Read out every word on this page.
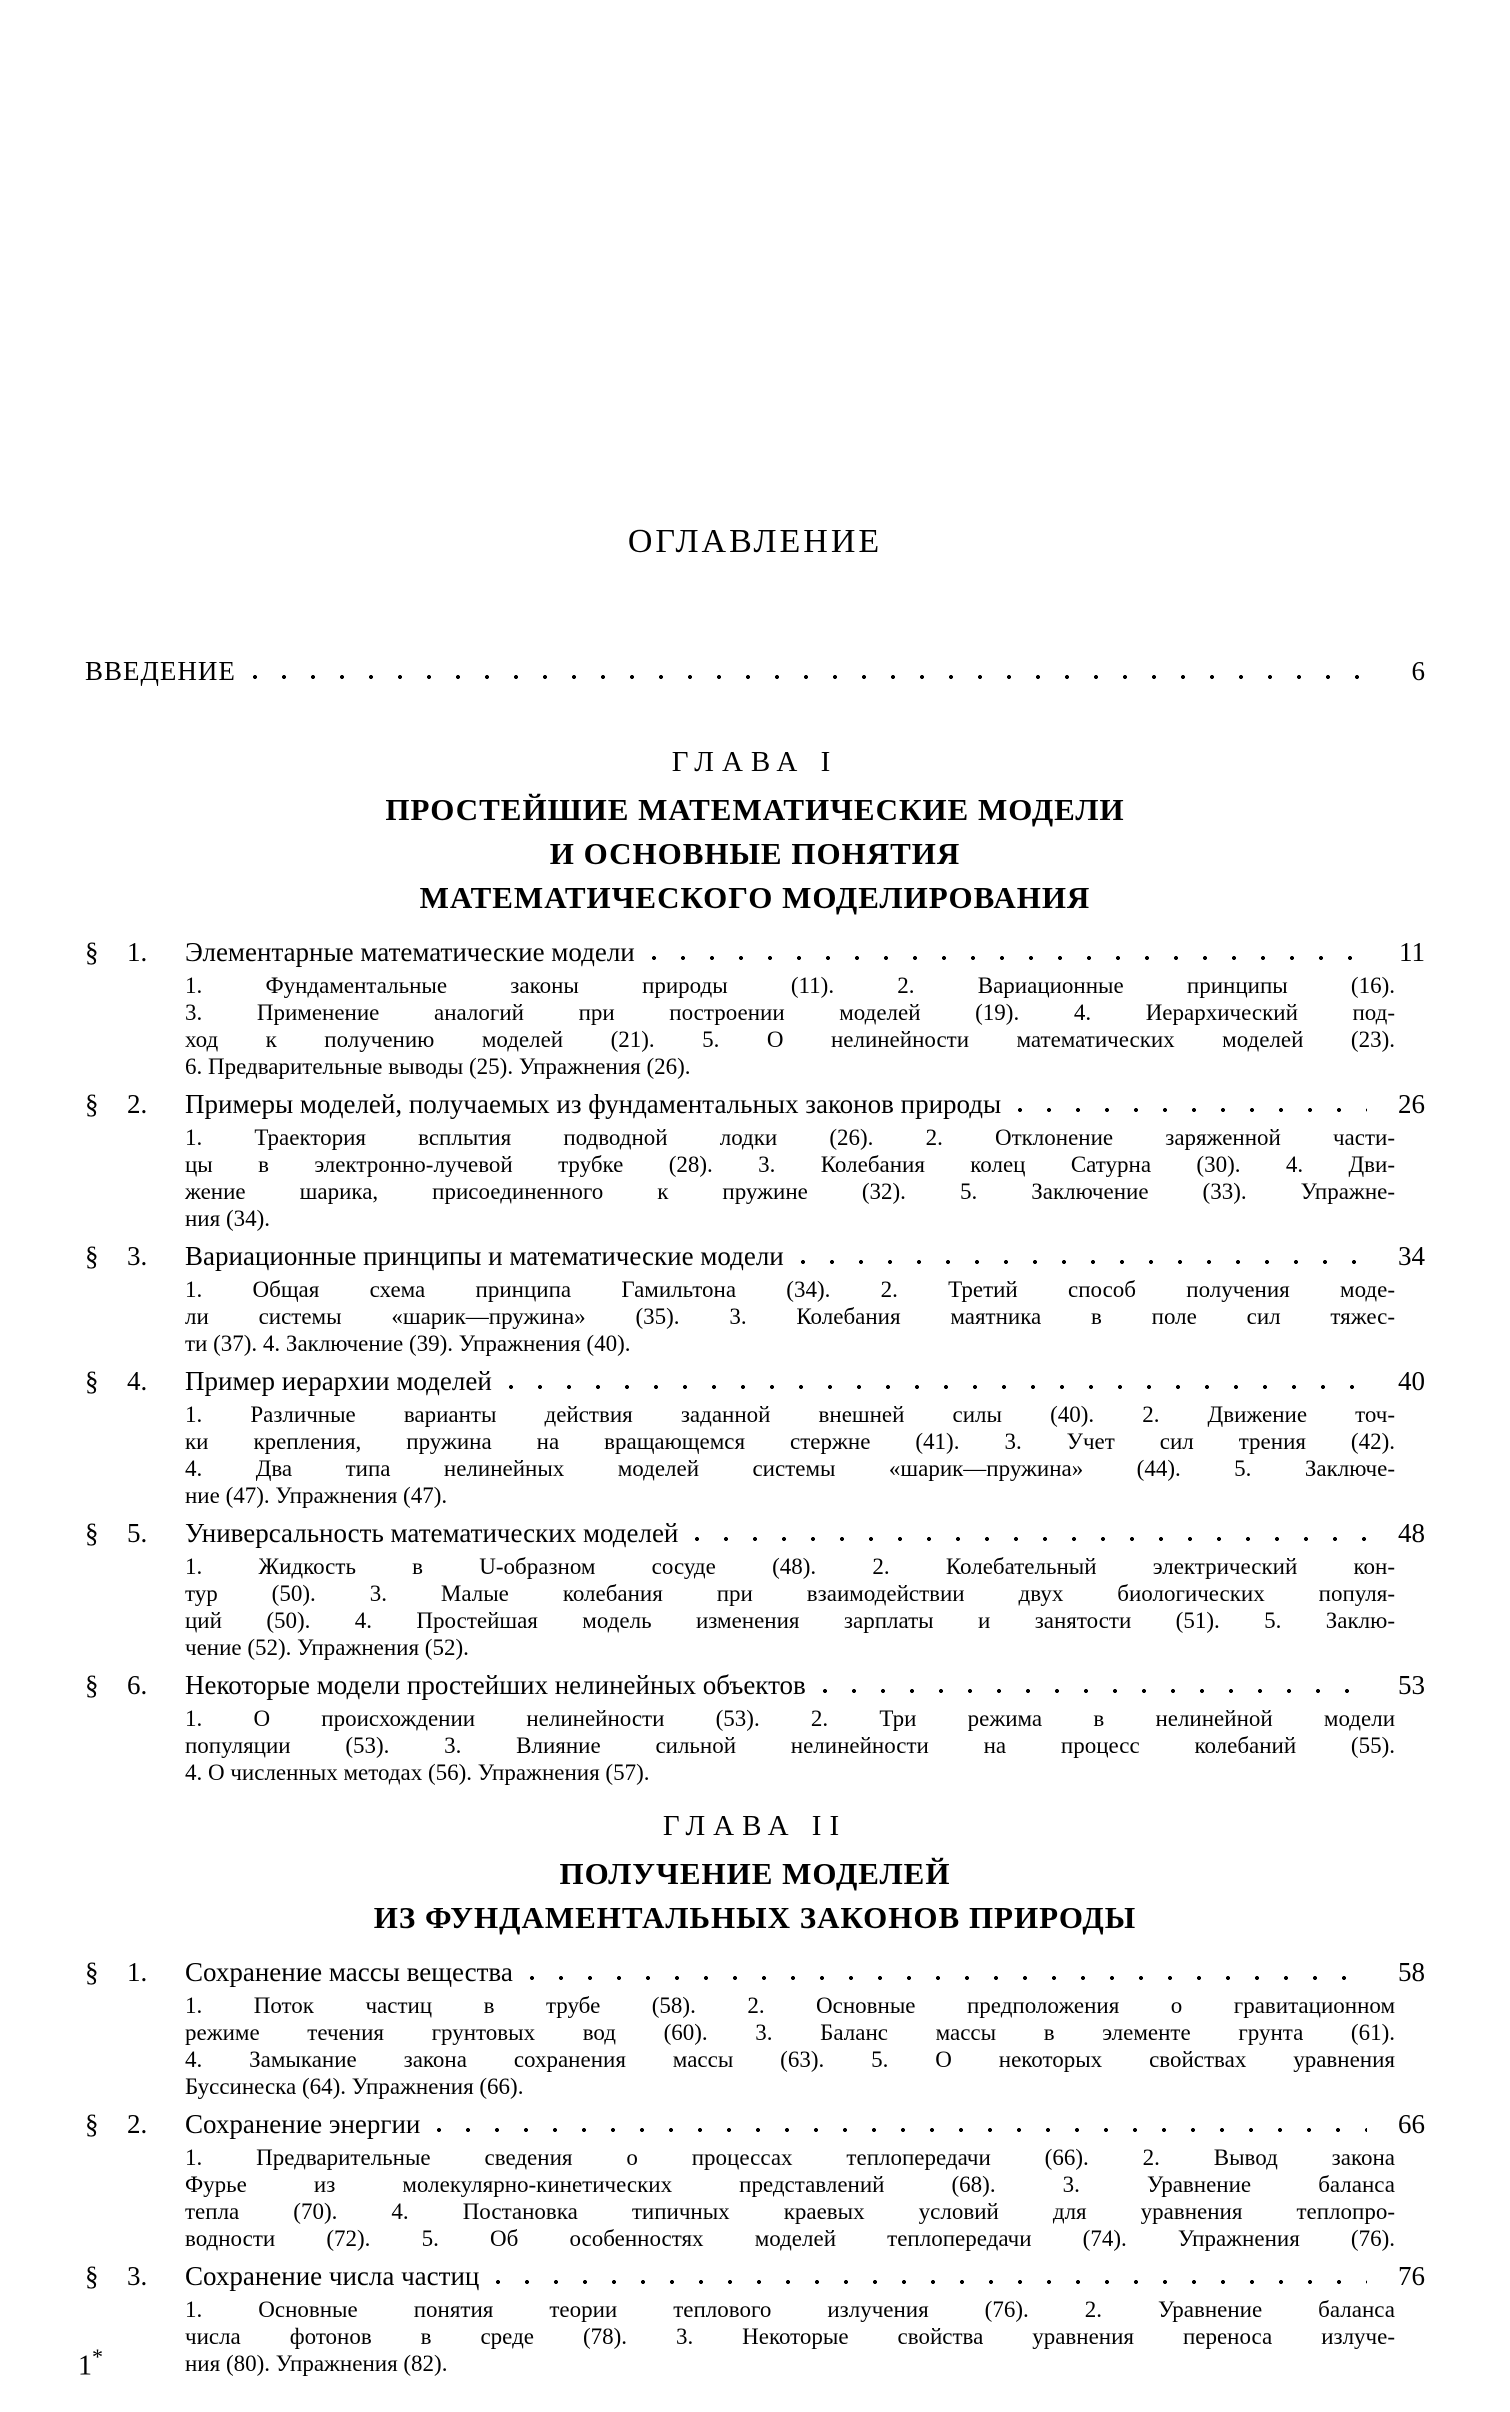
ОГЛАВЛЕНИЕ
ВВЕДЕНИЕ	6
ГЛАВА I
ПРОСТЕЙШИЕ МАТЕМАТИЧЕСКИЕ МОДЕЛИ
И ОСНОВНЫЕ ПОНЯТИЯ
МАТЕМАТИЧЕСКОГО МОДЕЛИРОВАНИЯ
§	1.	Элементарные математические модели	11
1. Фундаментальные законы природы (11). 2. Вариационные принципы (16).
3. Применение аналогий при построении моделей (19). 4. Иерархический под-
ход к получению моделей (21). 5. О нелинейности математических моделей (23).
6. Предварительные выводы (25). Упражнения (26).
§	2.	Примеры моделей, получаемых из фундаментальных законов природы	26
1. Траектория всплытия подводной лодки (26). 2. Отклонение заряженной части-
цы в электронно-лучевой трубке (28). 3. Колебания колец Сатурна (30). 4. Дви-
жение шарика, присоединенного к пружине (32). 5. Заключение (33). Упражне-
ния (34).
§	3.	Вариационные принципы и математические модели	34
1. Общая схема принципа Гамильтона (34). 2. Третий способ получения моде-
ли системы «шарик—пружина» (35). 3. Колебания маятника в поле сил тяжес-
ти (37). 4. Заключение (39). Упражнения (40).
§	4.	Пример иерархии моделей	40
1. Различные варианты действия заданной внешней силы (40). 2. Движение точ-
ки крепления, пружина на вращающемся стержне (41). 3. Учет сил трения (42).
4. Два типа нелинейных моделей системы «шарик—пружина» (44). 5. Заключе-
ние (47). Упражнения (47).
§	5.	Универсальность математических моделей	48
1. Жидкость в U-образном сосуде (48). 2. Колебательный электрический кон-
тур (50). 3. Малые колебания при взаимодействии двух биологических популя-
ций (50). 4. Простейшая модель изменения зарплаты и занятости (51). 5. Заклю-
чение (52). Упражнения (52).
§	6.	Некоторые модели простейших нелинейных объектов	53
1. О происхождении нелинейности (53). 2. Три режима в нелинейной модели
популяции (53). 3. Влияние сильной нелинейности на процесс колебаний (55).
4. О численных методах (56). Упражнения (57).
ГЛАВА II
ПОЛУЧЕНИЕ МОДЕЛЕЙ
ИЗ ФУНДАМЕНТАЛЬНЫХ ЗАКОНОВ ПРИРОДЫ
§	1.	Сохранение массы вещества	58
1. Поток частиц в трубе (58). 2. Основные предположения о гравитационном
режиме течения грунтовых вод (60). 3. Баланс массы в элементе грунта (61).
4. Замыкание закона сохранения массы (63). 5. О некоторых свойствах уравнения
Буссинеска (64). Упражнения (66).
§	2.	Сохранение энергии	66
1. Предварительные сведения о процессах теплопередачи (66). 2. Вывод закона
Фурье из молекулярно-кинетических представлений (68). 3. Уравнение баланса
тепла (70). 4. Постановка типичных краевых условий для уравнения теплопро-
водности (72). 5. Об особенностях моделей теплопередачи (74). Упражнения (76).
§	3.	Сохранение числа частиц	76
1. Основные понятия теории теплового излучения (76). 2. Уравнение баланса
числа фотонов в среде (78). 3. Некоторые свойства уравнения переноса излуче-
ния (80). Упражнения (82).
1*
